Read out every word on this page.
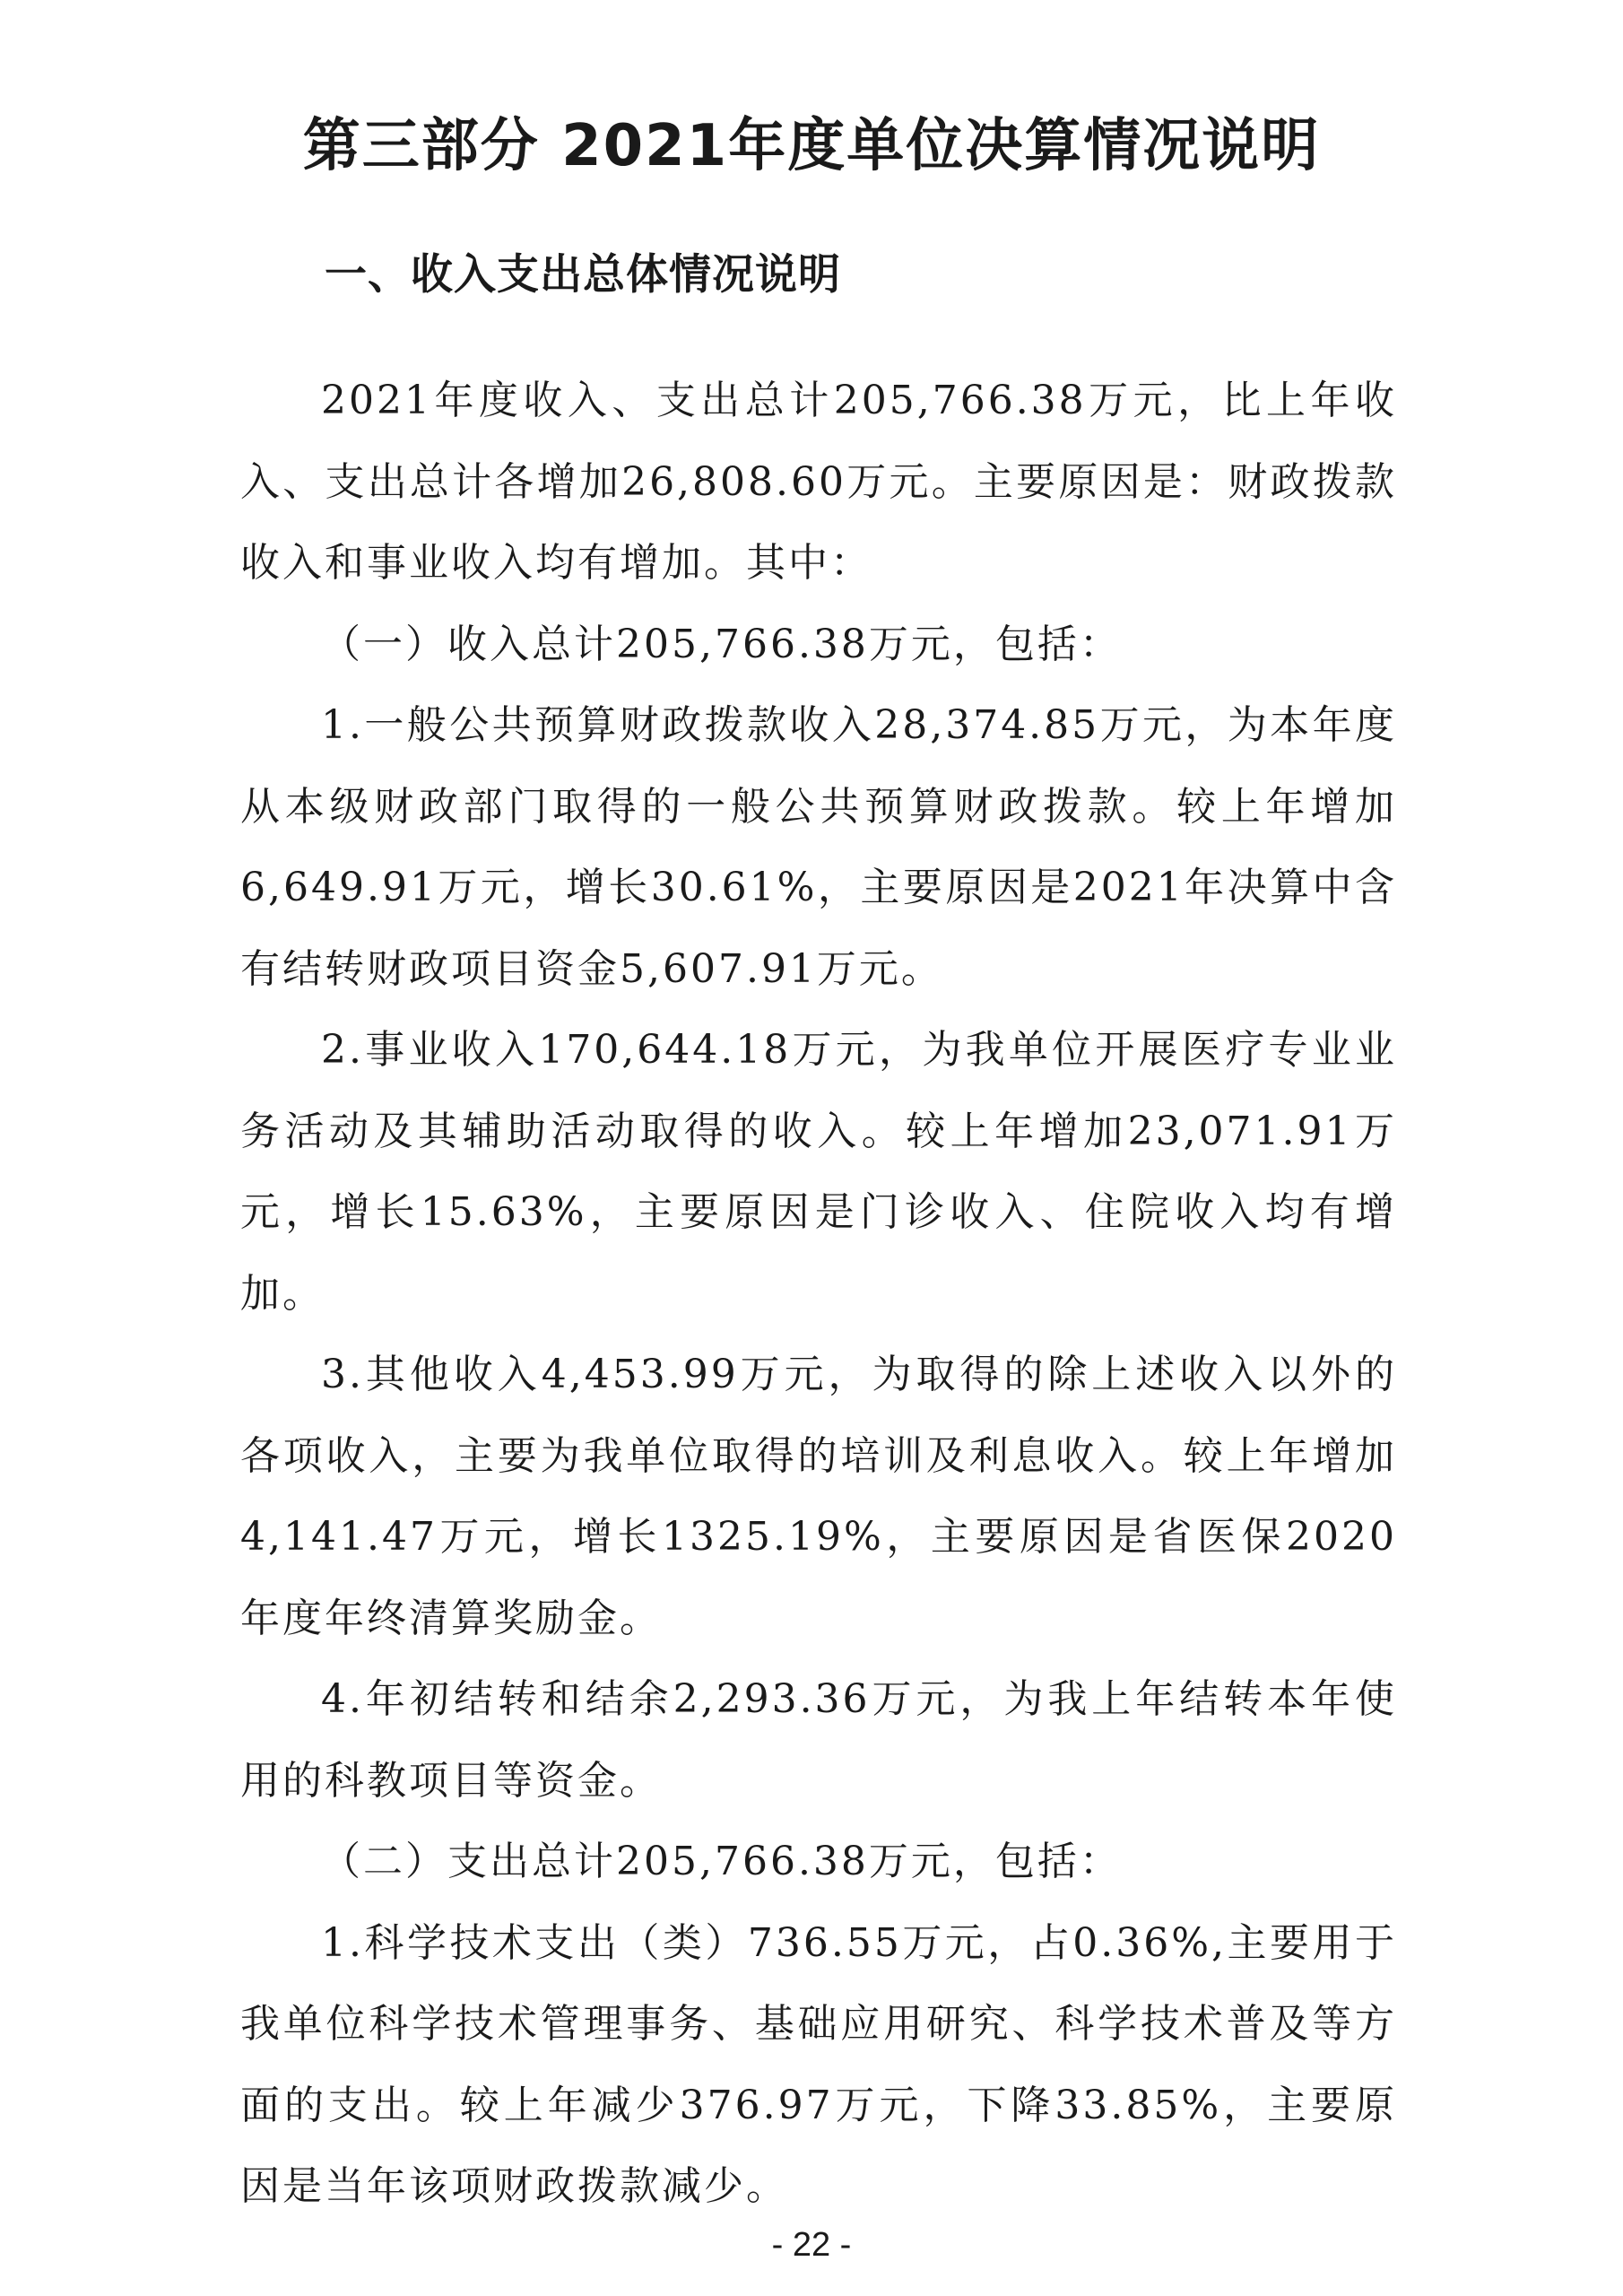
第三部分 2021年度单位决算情况说明
一、收入支出总体情况说明

2021年度收入、支出总计205,766.38万元，比上年收入、支出总计各增加26,808.60万元。主要原因是：财政拨款收入和事业收入均有增加。其中：

（一）收入总计205,766.38万元，包括：

1.一般公共预算财政拨款收入28,374.85万元，为本年度从本级财政部门取得的一般公共预算财政拨款。较上年增加6,649.91万元，增长30.61%，主要原因是2021年决算中含有结转财政项目资金5,607.91万元。

2.事业收入170,644.18万元，为我单位开展医疗专业业务活动及其辅助活动取得的收入。较上年增加23,071.91万元，增长15.63%，主要原因是门诊收入、住院收入均有增加。

3.其他收入4,453.99万元，为取得的除上述收入以外的各项收入，主要为我单位取得的培训及利息收入。较上年增加4,141.47万元，增长1325.19%，主要原因是省医保2020年度年终清算奖励金。

4.年初结转和结余2,293.36万元，为我上年结转本年使用的科教项目等资金。

（二）支出总计205,766.38万元，包括：

1.科学技术支出（类）736.55万元，占0.36%,主要用于我单位科学技术管理事务、基础应用研究、科学技术普及等方面的支出。较上年减少376.97万元，下降33.85%，主要原因是当年该项财政拨款减少。

- 22 -
